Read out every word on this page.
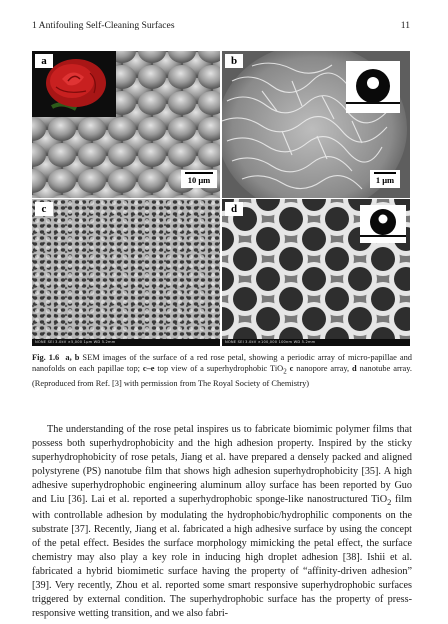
1 Antifouling Self-Cleaning Surfaces	11
a
10 μm
b
1 μm
c
NONE SEI 3.0kV ×5,000 1μm WD 5.2mm
d
NONE SEI 3.0kV ×100,000 100nm WD 5.2mm
Fig. 1.6 a, b SEM images of the surface of a red rose petal, showing a periodic array of micro-papillae and nanofolds on each papillae top; c–e top view of a superhydrophobic TiO$_2$ c nanopore array, d nanotube array. (Reproduced from Ref. [3] with permission from The Royal Society of Chemistry)

The understanding of the rose petal inspires us to fabricate biomimic polymer films that possess both superhydrophobicity and the high adhesion property. Inspired by the sticky superhydrophobicity of rose petals, Jiang et al. have prepared a densely packed and aligned polystyrene (PS) nanotube film that shows high adhesion superhydrophobicity [35]. A high adhesive superhydrophobic engineering aluminum alloy surface has been reported by Guo and Liu [36]. Lai et al. reported a superhydrophobic sponge-like nanostructured TiO$_2$ film with controllable adhesion by modulating the hydrophobic/hydrophilic components on the substrate [37]. Recently, Jiang et al. fabricated a high adhesive surface by using the concept of the petal effect. Besides the surface morphology mimicking the petal effect, the surface chemistry may also play a key role in inducing high droplet adhesion [38]. Ishii et al. fabricated a hybrid biomimetic surface having the property of “affinity-driven adhesion” [39]. Very recently, Zhou et al. reported some smart responsive superhydrophobic surfaces triggered by external condition. The superhydrophobic surface has the property of press-responsive wetting transition, and we also fabri-
